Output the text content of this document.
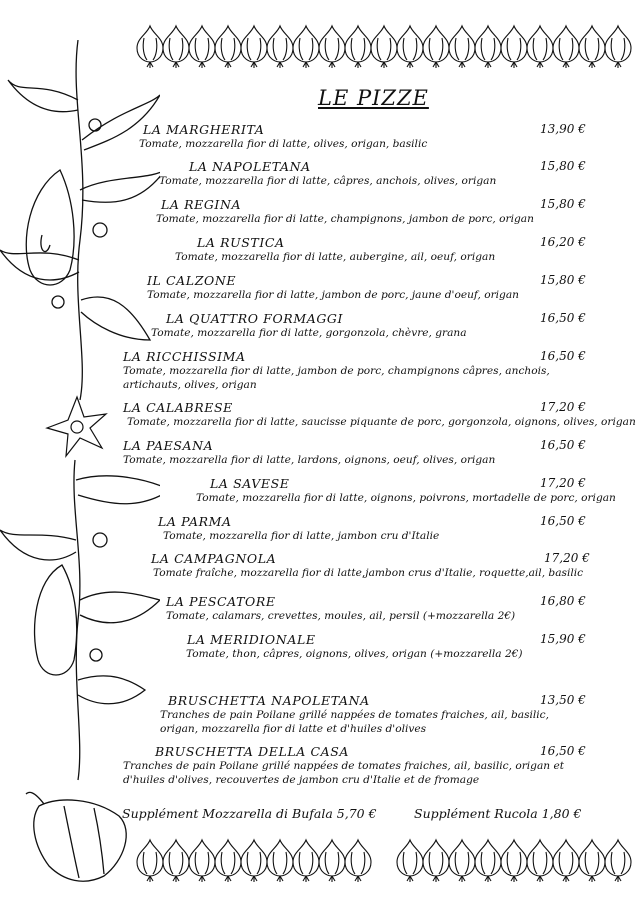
LE PIZZE
LA MARGHERITA
Tomate, mozzarella fior di latte, olives, origan, basilic
13,90 €
LA NAPOLETANA
Tomate, mozzarella fior di latte, câpres, anchois, olives, origan
15,80 €
LA REGINA
Tomate, mozzarella fior di latte, champignons, jambon de porc, origan
15,80 €
LA RUSTICA
Tomate, mozzarella fior di latte, aubergine, ail, oeuf, origan
16,20 €
IL CALZONE
Tomate, mozzarella fior di latte, jambon de porc, jaune d'oeuf, origan
15,80 €
LA QUATTRO FORMAGGI
Tomate, mozzarella fior di latte, gorgonzola, chèvre, grana
16,50 €
LA RICCHISSIMA
Tomate, mozzarella fior di latte, jambon de porc, champignons câpres, anchois, artichauts, olives, origan
16,50 €
LA CALABRESE
Tomate, mozzarella fior di latte, saucisse piquante de porc, gorgonzola, oignons, olives, origan
17,20 €
LA PAESANA
Tomate, mozzarella fior di latte, lardons, oignons, oeuf, olives, origan
16,50 €
LA SAVESE
Tomate, mozzarella fior di latte, oignons, poivrons, mortadelle de porc, origan
17,20 €
LA PARMA
Tomate, mozzarella fior di latte, jambon cru d'Italie
16,50 €
LA CAMPAGNOLA
Tomate fraîche, mozzarella fior di latte,jambon crus d'Italie, roquette,ail, basilic
17,20 €
LA PESCATORE
Tomate, calamars, crevettes, moules, ail, persil (+mozzarella 2€)
16,80 €
LA MERIDIONALE
Tomate, thon, câpres, oignons, olives, origan (+mozzarella 2€)
15,90 €
BRUSCHETTA NAPOLETANA
Tranches de pain Poilane grillé nappées de tomates fraiches, ail, basilic, origan, mozzarella fior di latte et d'huiles d'olives
13,50 €
BRUSCHETTA DELLA CASA
Tranches de pain Poilane grillé nappées de tomates fraiches, ail, basilic, origan et d'huiles d'olives, recouvertes de jambon cru d'Italie et de fromage
16,50 €
Supplément Mozzarella di Bufala 5,70 €	Supplément Rucola 1,80 €
